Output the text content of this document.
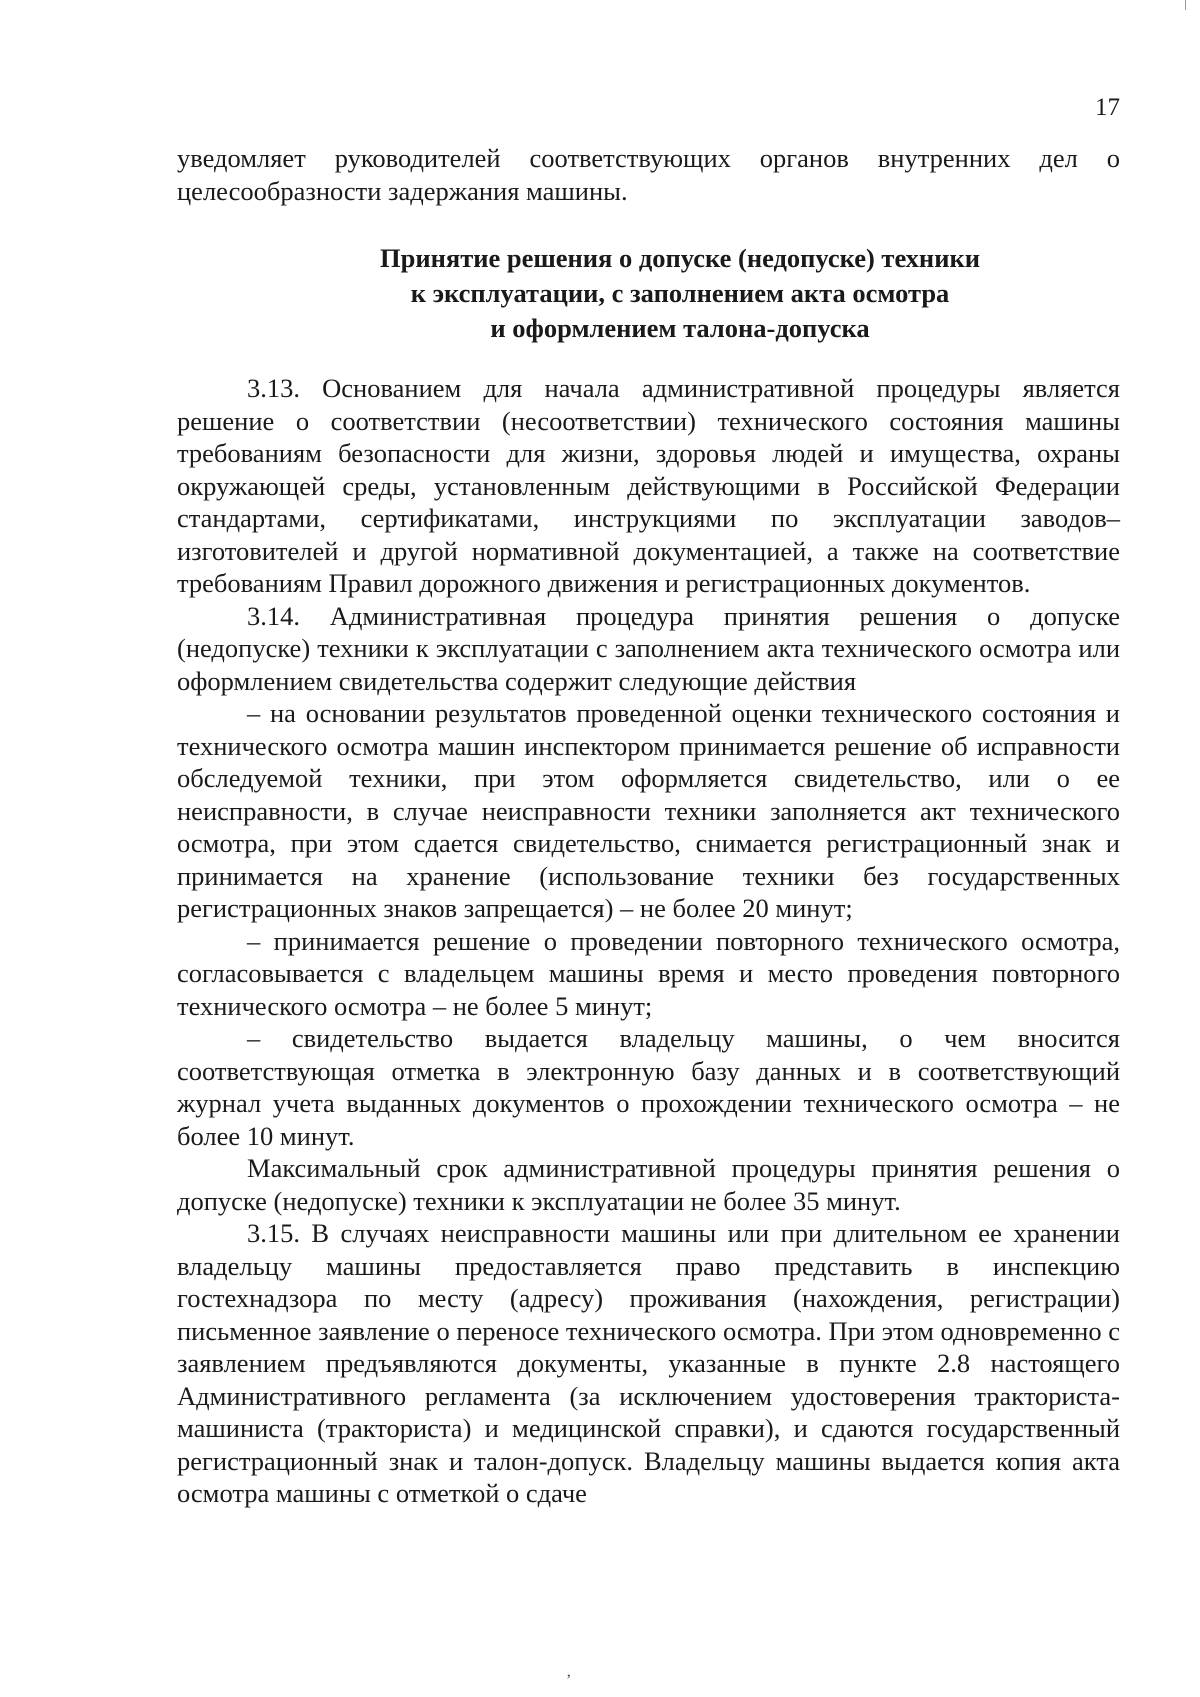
17

уведомляет руководителей соответствующих органов внутренних дел о целесообразности задержания машины.

Принятие решения о допуске (недопуске) техники
к эксплуатации, с заполнением акта осмотра
и оформлением талона-допуска

3.13. Основанием для начала административной процедуры является решение о соответствии (несоответствии) технического состояния машины требованиям безопасности для жизни, здоровья людей и имущества, охраны окружающей среды, установленным действующими в Российской Федерации стандартами, сертификатами, инструкциями по эксплуатации заводов–изготовителей и другой нормативной документацией, а также на соответствие требованиям Правил дорожного движения и регистрационных документов.

3.14. Административная процедура принятия решения о допуске (недопуске) техники к эксплуатации с заполнением акта технического осмотра или оформлением свидетельства содержит следующие действия

– на основании результатов проведенной оценки технического состояния и технического осмотра машин инспектором принимается решение об исправности обследуемой техники, при этом оформляется свидетельство, или о ее неисправности, в случае неисправности техники заполняется акт технического осмотра, при этом сдается свидетельство, снимается регистрационный знак и принимается на хранение (использование техники без государственных регистрационных знаков запрещается) – не более 20 минут;

– принимается решение о проведении повторного технического осмотра, согласовывается с владельцем машины время и место проведения повторного технического осмотра – не более 5 минут;

– свидетельство выдается владельцу машины, о чем вносится соответствующая отметка в электронную базу данных и в соответствующий журнал учета выданных документов о прохождении технического осмотра – не более 10 минут.

Максимальный срок административной процедуры принятия решения о допуске (недопуске) техники к эксплуатации не более 35 минут.

3.15. В случаях неисправности машины или при длительном ее хранении владельцу машины предоставляется право представить в инспекцию гостехнадзора по месту (адресу) проживания (нахождения, регистрации) письменное заявление о переносе технического осмотра. При этом одновременно с заявлением предъявляются документы, указанные в пункте 2.8 настоящего Административного регламента (за исключением удостоверения тракториста-машиниста (тракториста) и медицинской справки), и сдаются государственный регистрационный знак и талон-допуск. Владельцу машины выдается копия акта осмотра машины с отметкой о сдаче

ʼ
